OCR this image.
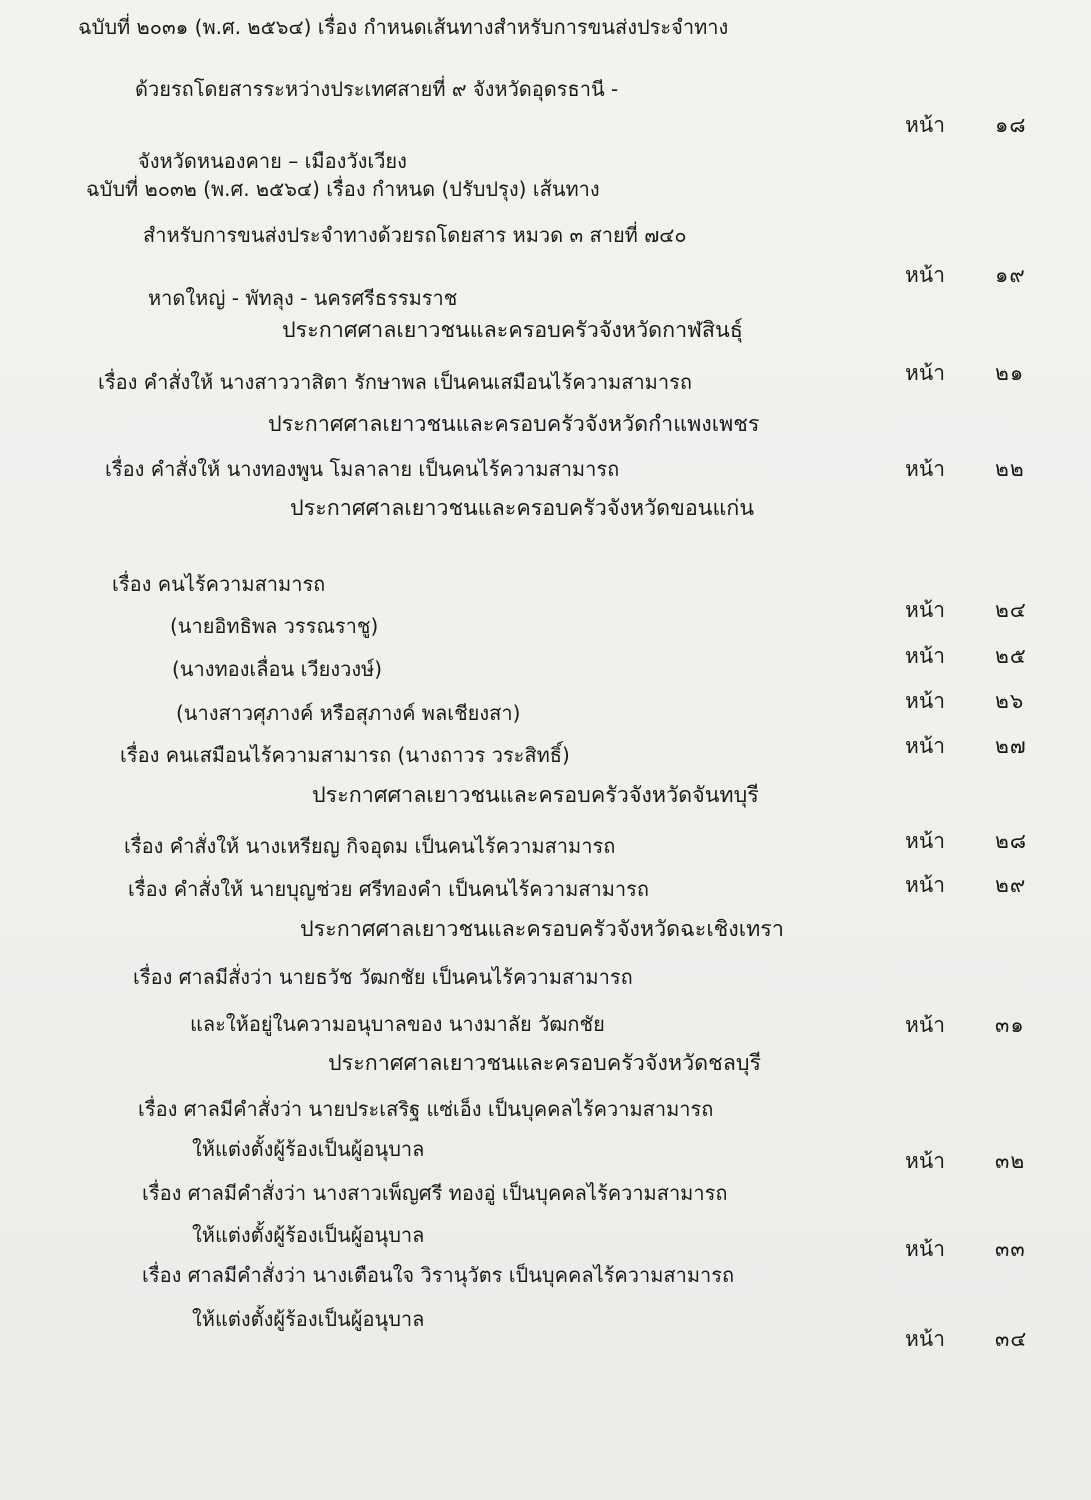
ฉบับที่ ๒๐๓๑ (พ.ศ. ๒๕๖๔) เรื่อง กำหนดเส้นทางสำหรับการขนส่งประจำทาง
ด้วยรถโดยสารระหว่างประเทศสายที่ ๙ จังหวัดอุดรธานี -
จังหวัดหนองคาย – เมืองวังเวียง
ฉบับที่ ๒๐๓๒ (พ.ศ. ๒๕๖๔) เรื่อง กำหนด (ปรับปรุง) เส้นทาง
สำหรับการขนส่งประจำทางด้วยรถโดยสาร หมวด ๓ สายที่ ๗๔๐
หาดใหญ่ - พัทลุง - นครศรีธรรมราช
ประกาศศาลเยาวชนและครอบครัวจังหวัดกาฬสินธุ์
เรื่อง คำสั่งให้ นางสาววาสิตา รักษาพล เป็นคนเสมือนไร้ความสามารถ
ประกาศศาลเยาวชนและครอบครัวจังหวัดกำแพงเพชร
เรื่อง คำสั่งให้ นางทองพูน โมลาลาย เป็นคนไร้ความสามารถ
ประกาศศาลเยาวชนและครอบครัวจังหวัดขอนแก่น
เรื่อง คนไร้ความสามารถ
(นายอิทธิพล วรรณราชู)
(นางทองเลื่อน เวียงวงษ์)
(นางสาวศุภางค์ หรือสุภางค์ พลเชียงสา)
เรื่อง คนเสมือนไร้ความสามารถ (นางถาวร วระสิทธิ์)
ประกาศศาลเยาวชนและครอบครัวจังหวัดจันทบุรี
เรื่อง คำสั่งให้ นางเหรียญ กิจอุดม เป็นคนไร้ความสามารถ
เรื่อง คำสั่งให้ นายบุญช่วย ศรีทองคำ เป็นคนไร้ความสามารถ
ประกาศศาลเยาวชนและครอบครัวจังหวัดฉะเชิงเทรา
เรื่อง ศาลมีสั่งว่า นายธวัช วัฒกชัย เป็นคนไร้ความสามารถ
และให้อยู่ในความอนุบาลของ นางมาลัย วัฒกชัย
ประกาศศาลเยาวชนและครอบครัวจังหวัดชลบุรี
เรื่อง ศาลมีคำสั่งว่า นายประเสริฐ แซ่เอ็ง เป็นบุคคลไร้ความสามารถ
ให้แต่งตั้งผู้ร้องเป็นผู้อนุบาล
เรื่อง ศาลมีคำสั่งว่า นางสาวเพ็ญศรี ทองอู่ เป็นบุคคลไร้ความสามารถ
ให้แต่งตั้งผู้ร้องเป็นผู้อนุบาล
เรื่อง ศาลมีคำสั่งว่า นางเตือนใจ วิรานุวัตร เป็นบุคคลไร้ความสามารถ
ให้แต่งตั้งผู้ร้องเป็นผู้อนุบาล
หน้า ๑๘
หน้า ๑๙
หน้า ๒๑
หน้า ๒๒
หน้า ๒๔
หน้า ๒๕
หน้า ๒๖
หน้า ๒๗
หน้า ๒๘
หน้า ๒๙
หน้า ๓๑
หน้า ๓๒
หน้า ๓๓
หน้า ๓๔
